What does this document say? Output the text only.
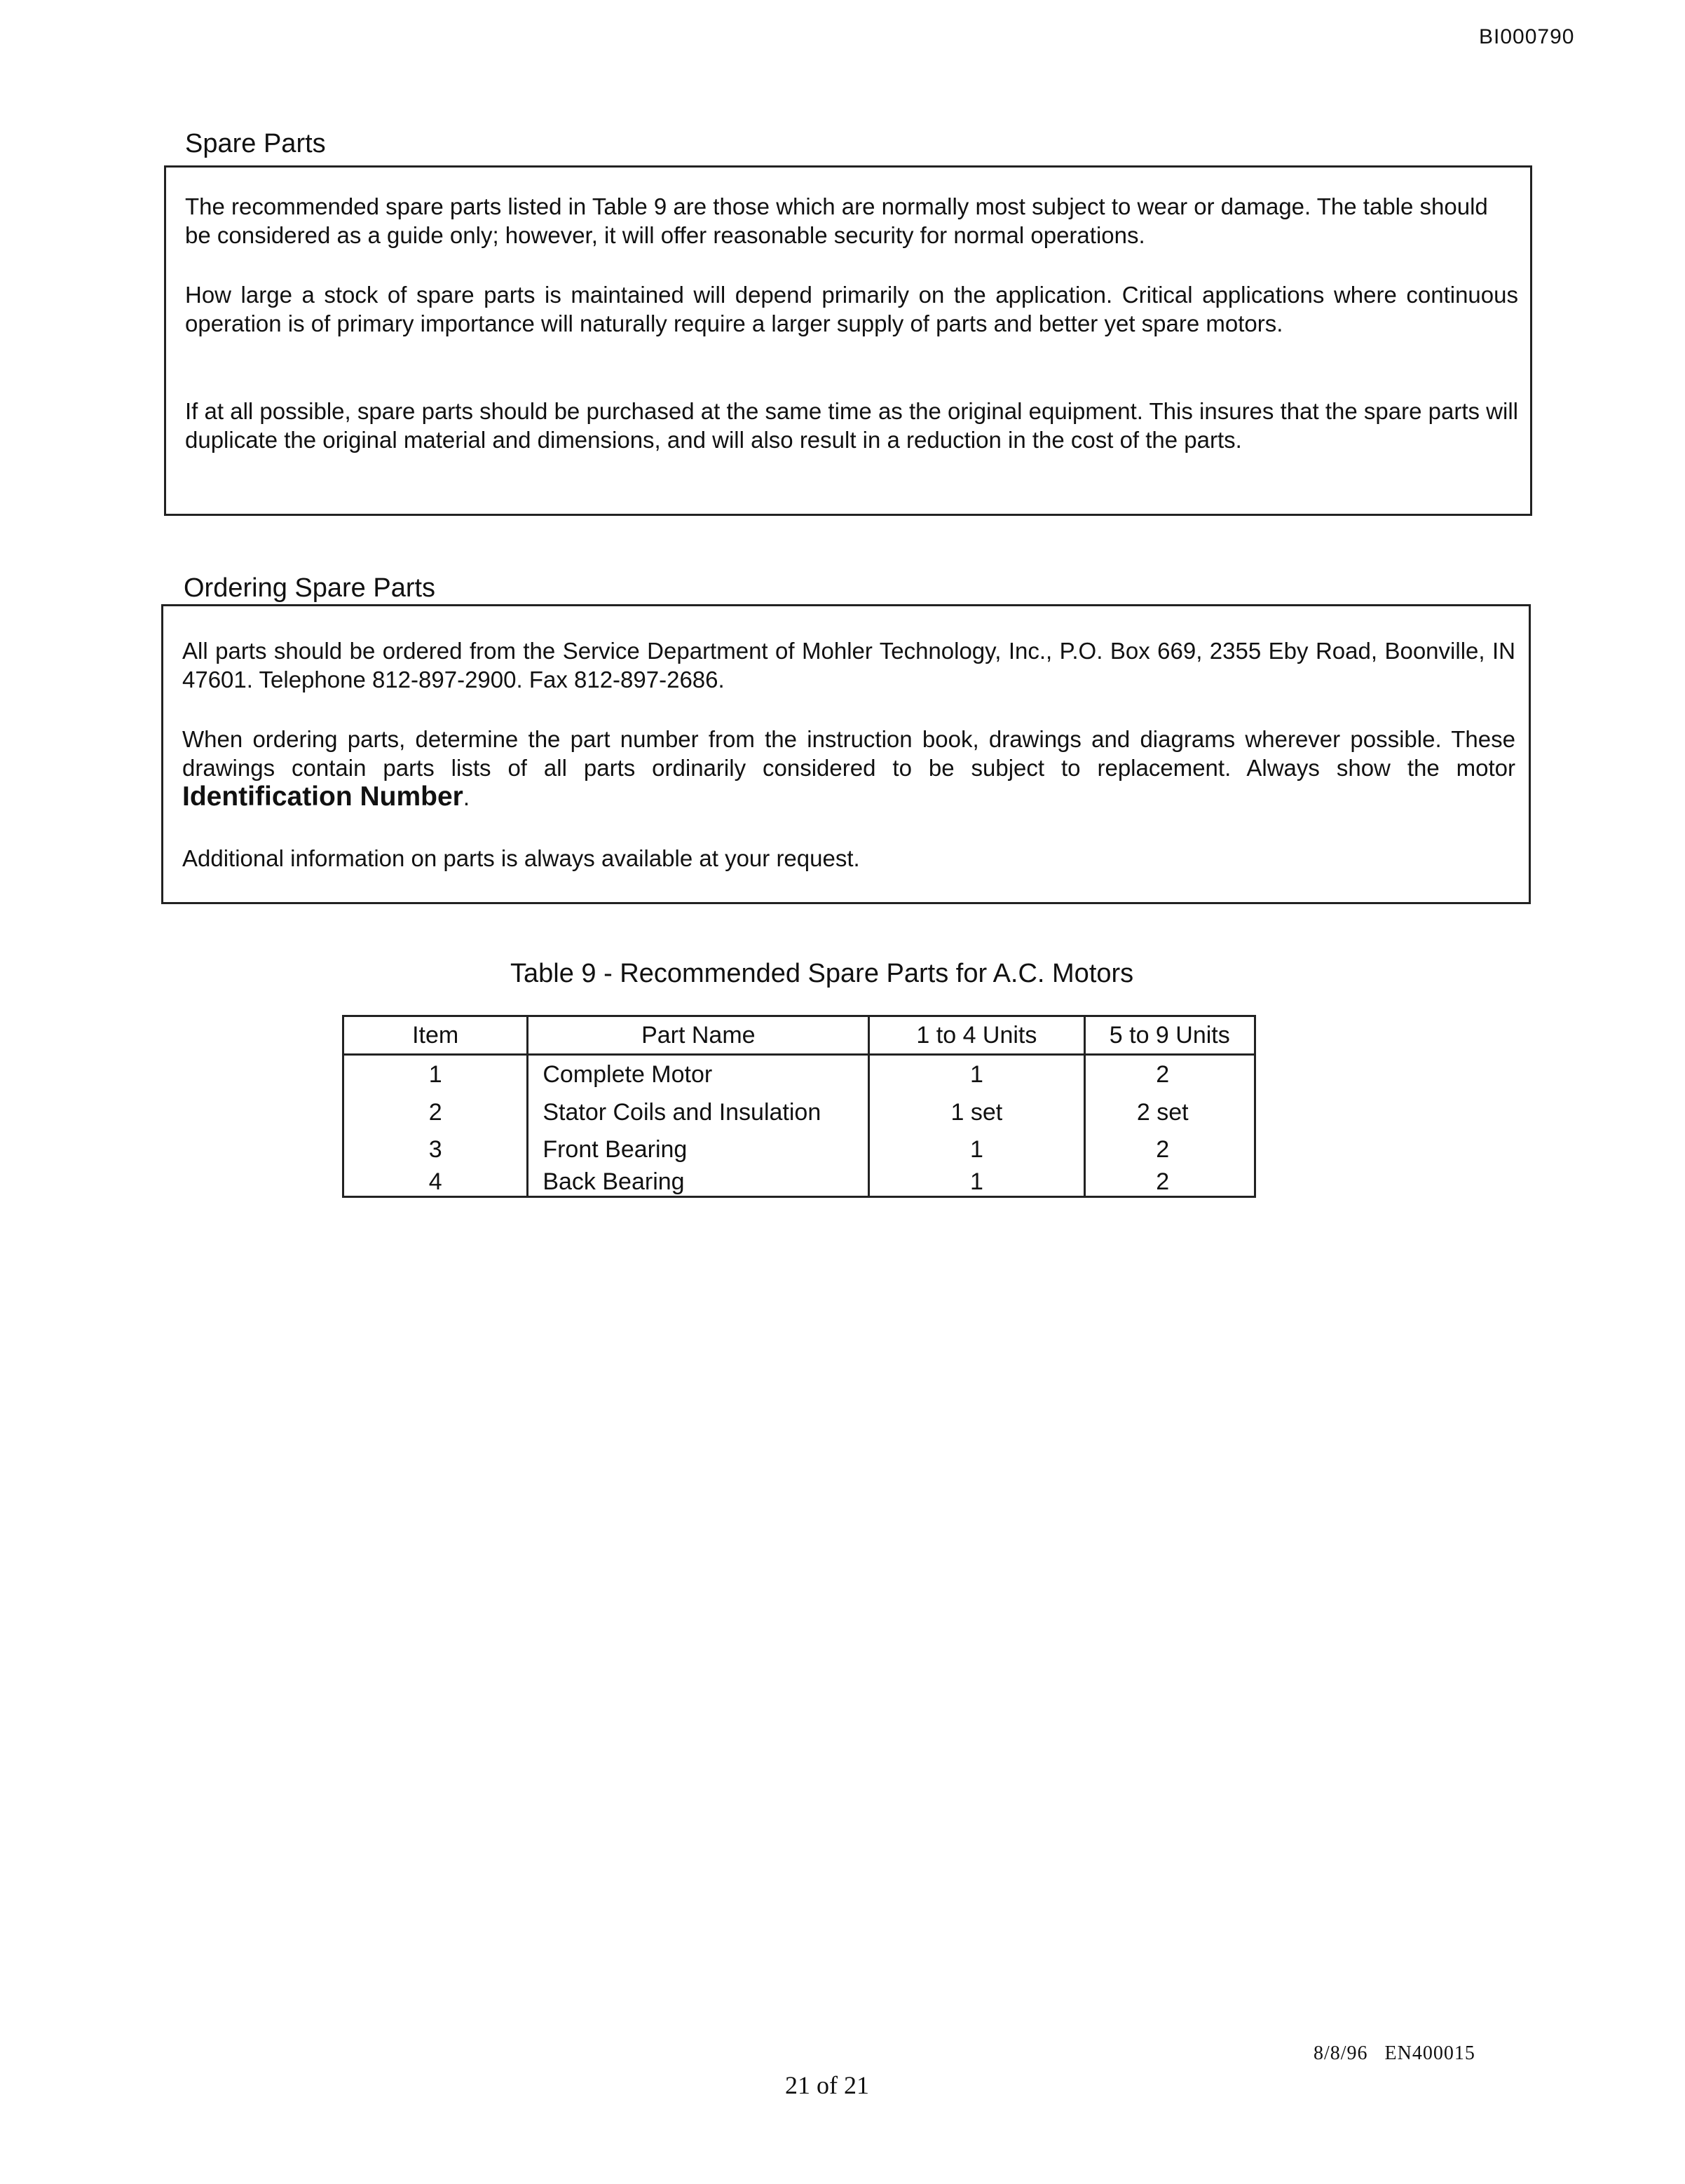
BI000790
Spare Parts
The recommended spare parts listed in Table 9 are those which are normally most subject to wear or damage. The table should be considered as a guide only; however, it will offer reasonable security for normal operations.
How large a stock of spare parts is maintained will depend primarily on the application. Critical applications where continuous operation is of primary importance will naturally require a larger supply of parts and better yet spare motors.
If at all possible, spare parts should be purchased at the same time as the original equipment. This insures that the spare parts will duplicate the original material and dimensions, and will also result in a reduction in the cost of the parts.
Ordering Spare Parts
All parts should be ordered from the Service Department of Mohler Technology, Inc., P.O. Box 669, 2355 Eby Road, Boonville, IN 47601. Telephone 812-897-2900. Fax 812-897-2686.
When ordering parts, determine the part number from the instruction book, drawings and diagrams wherever possible. These drawings contain parts lists of all parts ordinarily considered to be subject to replacement. Always show the motor Identification Number.
Additional information on parts is always available at your request.
Table 9 - Recommended Spare Parts for A.C. Motors
Item	Part Name	1 to 4 Units	5 to 9 Units
1	Complete Motor	1	2
2	Stator Coils and Insulation	1 set	2 set
3	Front Bearing	1	2
4	Back Bearing	1	2
8/8/96   EN400015
21 of 21
